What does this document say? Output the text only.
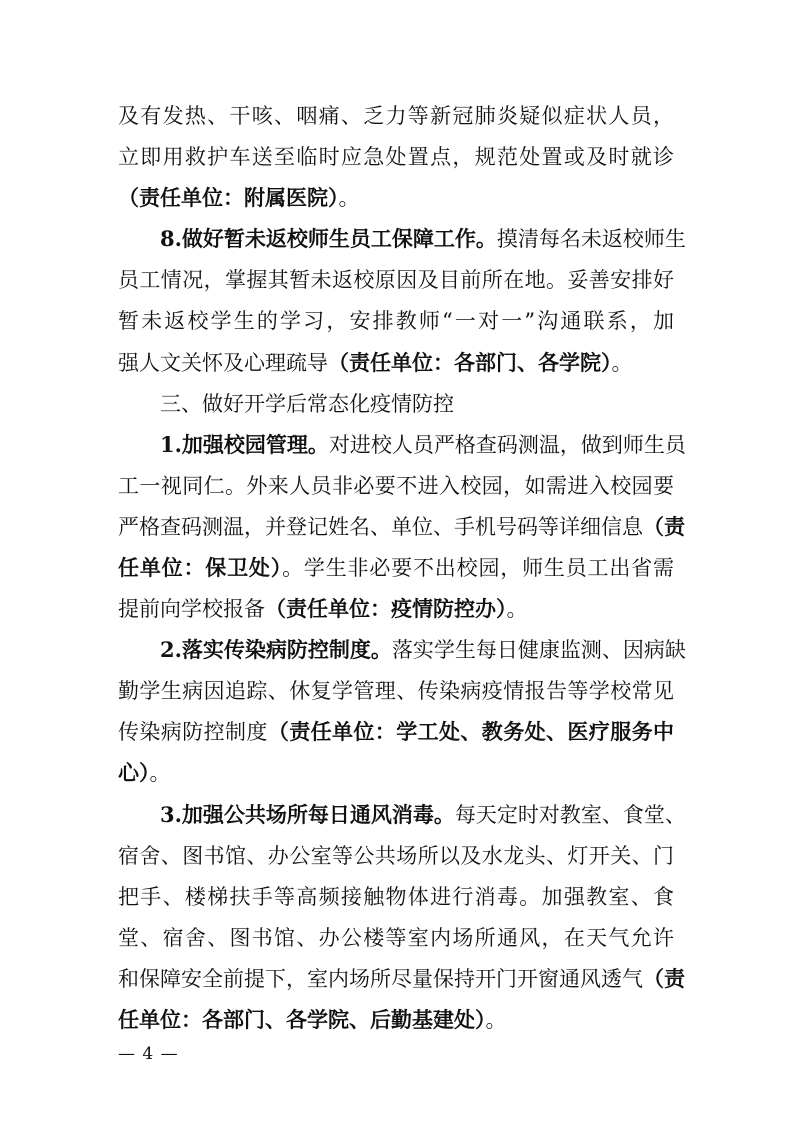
及有发热、干咳、咽痛、乏力等新冠肺炎疑似症状人员，
立即用救护车送至临时应急处置点，规范处置或及时就诊
（责任单位：附属医院）。
8.做好暂未返校师生员工保障工作。摸清每名未返校师生
员工情况，掌握其暂未返校原因及目前所在地。妥善安排好
暂未返校学生的学习，安排教师“一对一”沟通联系，加
强人文关怀及心理疏导（责任单位：各部门、各学院）。
三、做好开学后常态化疫情防控
1.加强校园管理。对进校人员严格查码测温，做到师生员
工一视同仁。外来人员非必要不进入校园，如需进入校园要
严格查码测温，并登记姓名、单位、手机号码等详细信息（责
任单位：保卫处）。学生非必要不出校园，师生员工出省需
提前向学校报备（责任单位：疫情防控办）。
2.落实传染病防控制度。落实学生每日健康监测、因病缺
勤学生病因追踪、休复学管理、传染病疫情报告等学校常见
传染病防控制度（责任单位：学工处、教务处、医疗服务中
心）。
3.加强公共场所每日通风消毒。每天定时对教室、食堂、
宿舍、图书馆、办公室等公共场所以及水龙头、灯开关、门
把手、楼梯扶手等高频接触物体进行消毒。加强教室、食
堂、宿舍、图书馆、办公楼等室内场所通风，在天气允许
和保障安全前提下，室内场所尽量保持开门开窗通风透气（责
任单位：各部门、各学院、后勤基建处）。
— 4 —
